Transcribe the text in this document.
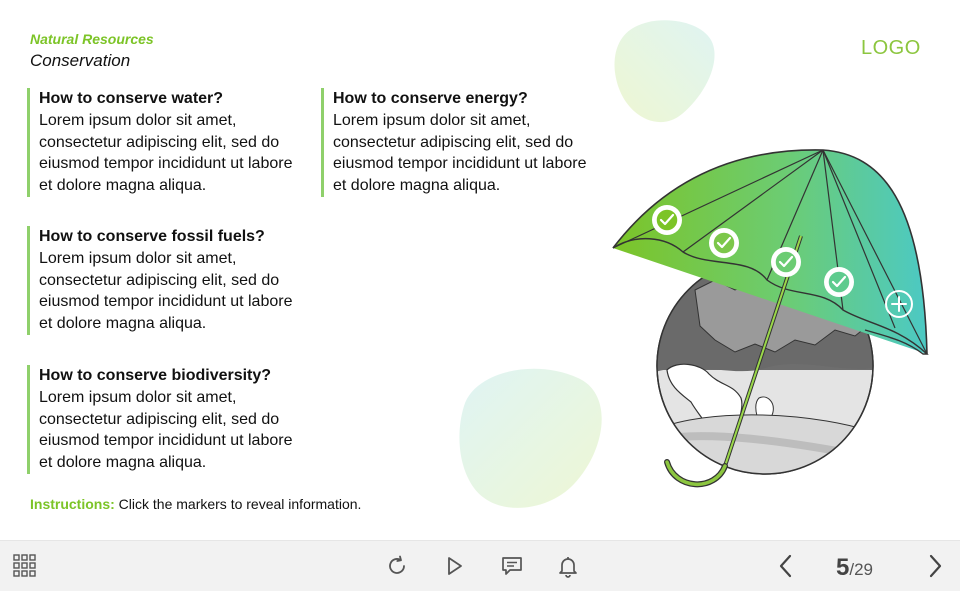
Natural Resources
Conservation
LOGO
How to conserve water?
Lorem ipsum dolor sit amet, consectetur adipiscing elit, sed do eiusmod tempor incididunt ut labore et dolore magna aliqua.
How to conserve energy?
Lorem ipsum dolor sit amet, consectetur adipiscing elit, sed do eiusmod tempor incididunt ut labore et dolore magna aliqua.
How to conserve fossil fuels?
Lorem ipsum dolor sit amet, consectetur adipiscing elit, sed do eiusmod tempor incididunt ut labore et dolore magna aliqua.
How to conserve biodiversity?
Lorem ipsum dolor sit amet, consectetur adipiscing elit, sed do eiusmod tempor incididunt ut labore et dolore magna aliqua.
Instructions: Click the markers to reveal information.
5 /29
